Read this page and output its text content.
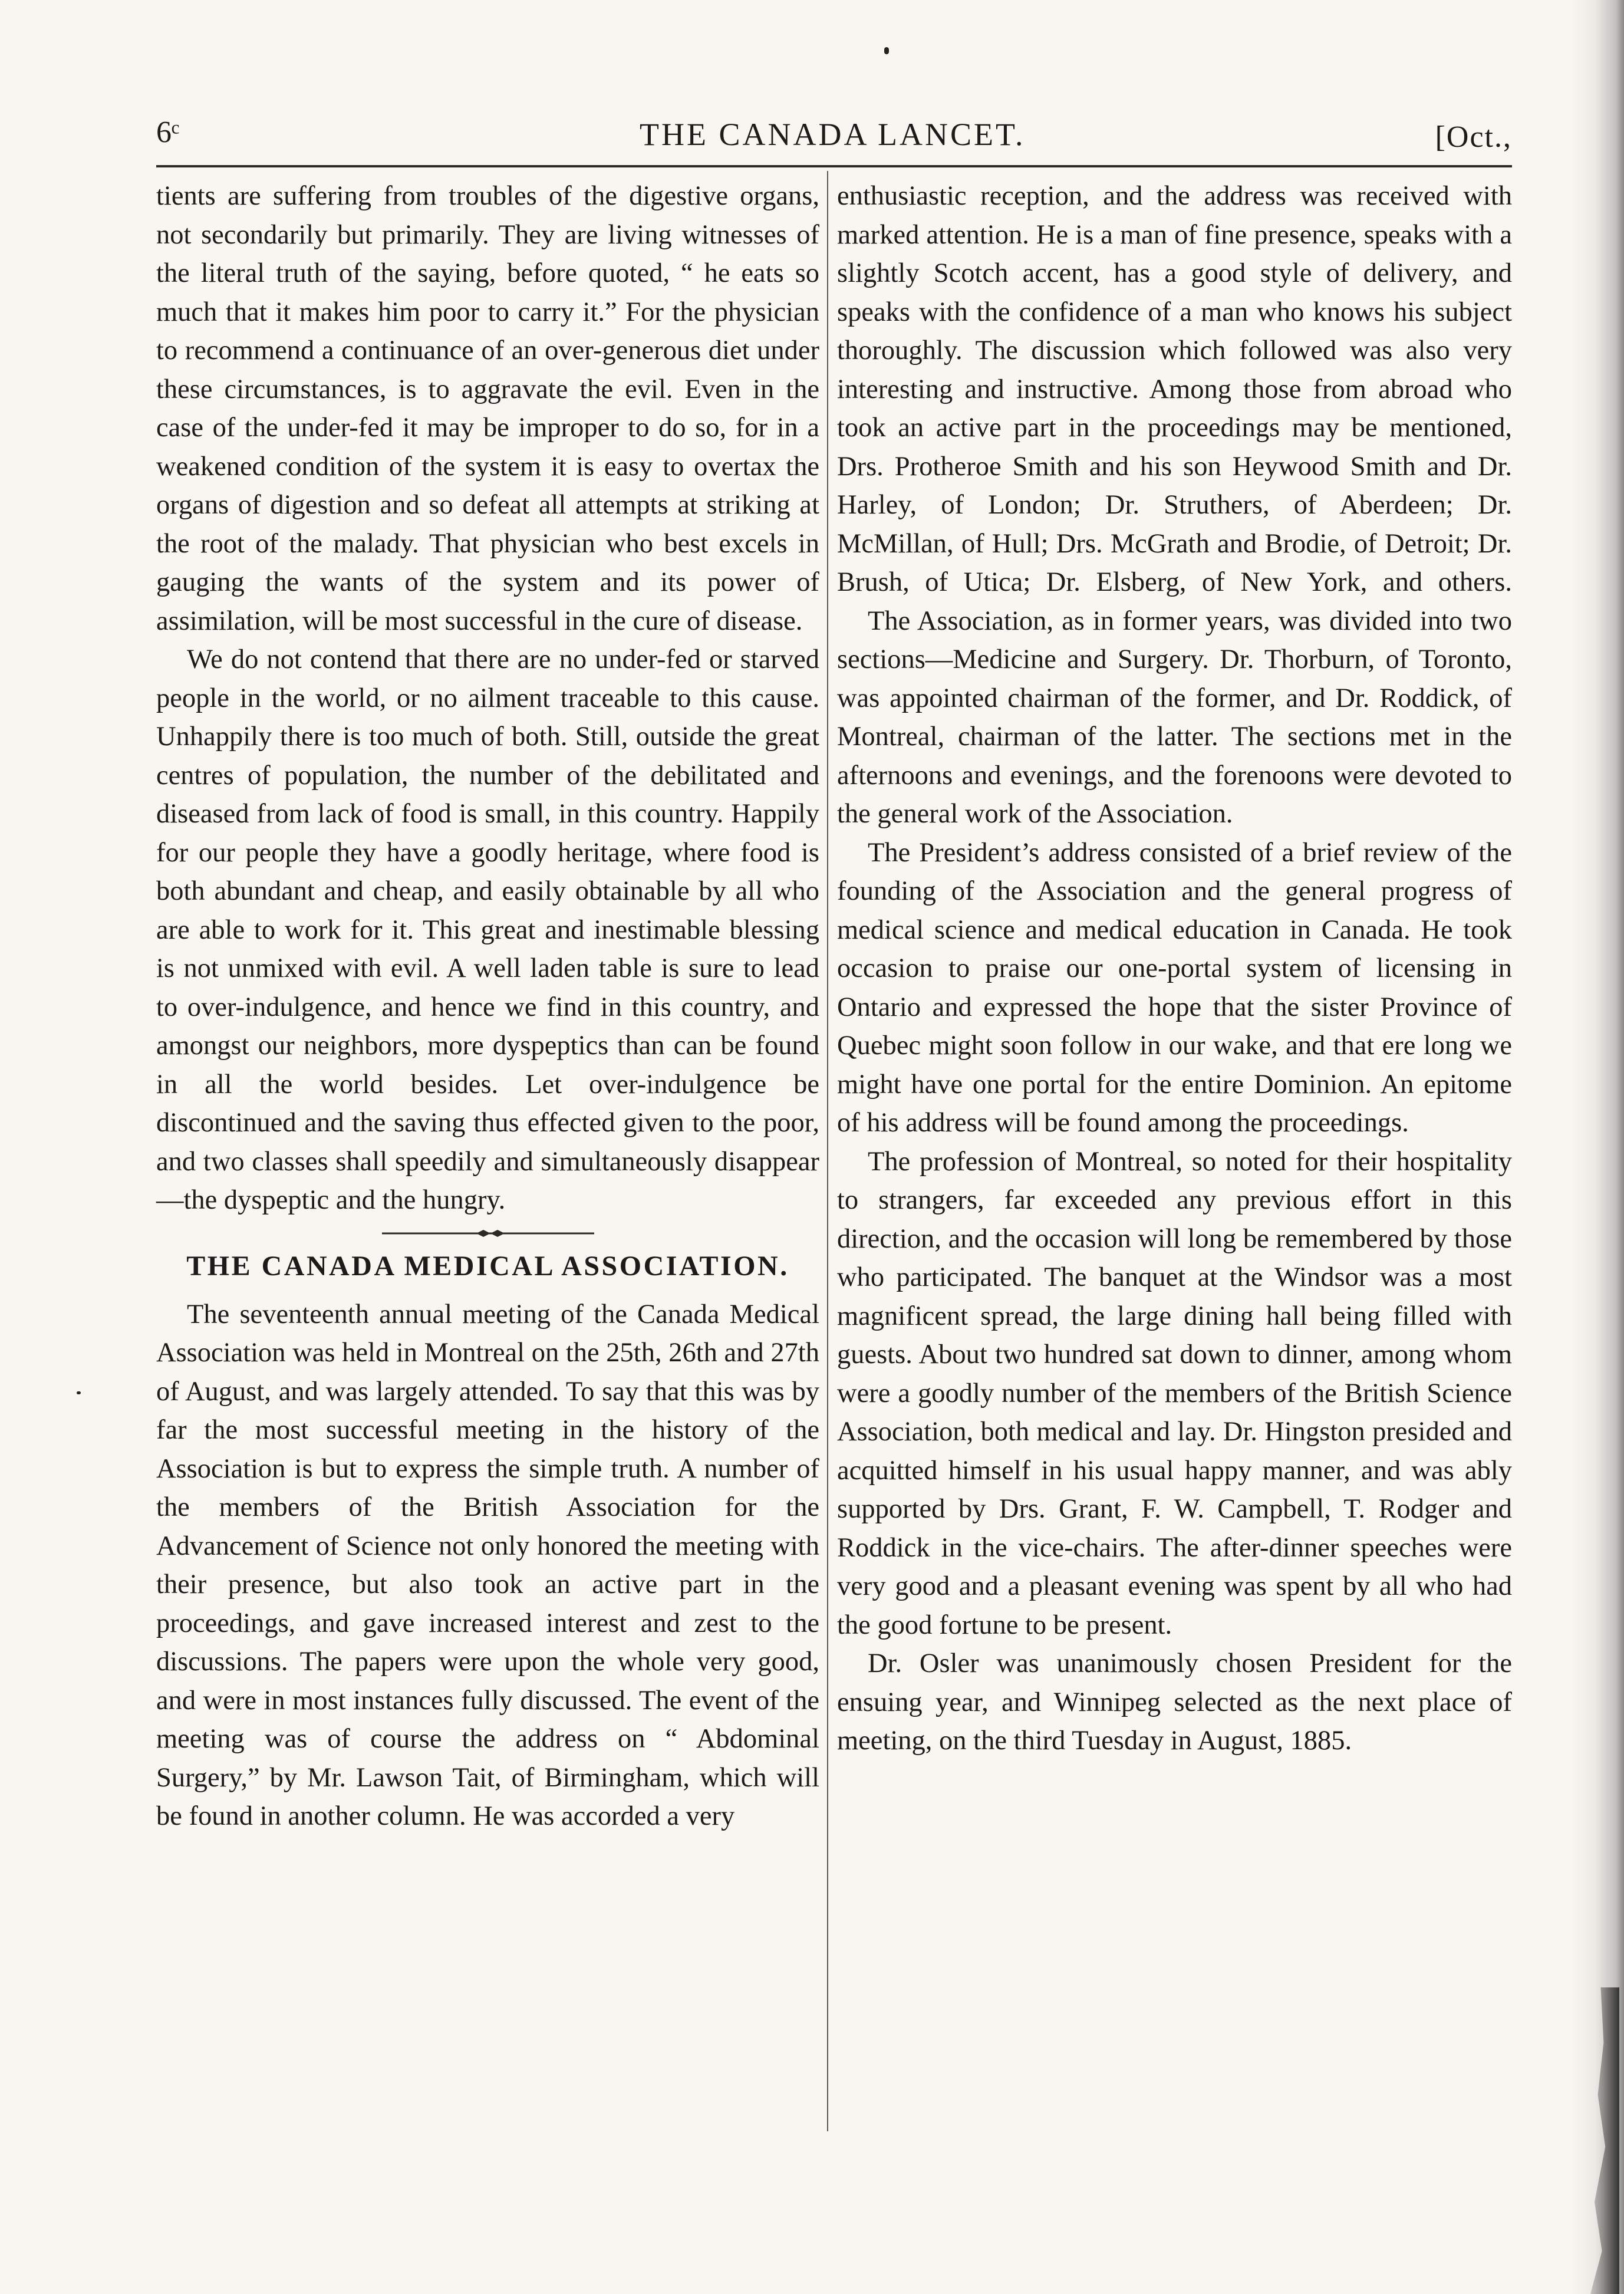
6ᶜ	THE CANADA LANCET.	[Oct.,

tients are suffering from troubles of the digestive organs, not secondarily but primarily. They are living witnesses of the literal truth of the saying, before quoted, “ he eats so much that it makes him poor to carry it.” For the physician to recommend a continuance of an over-generous diet under these circumstances, is to aggravate the evil. Even in the case of the under-fed it may be improper to do so, for in a weakened condition of the system it is easy to overtax the organs of digestion and so defeat all attempts at striking at the root of the malady. That physician who best excels in gauging the wants of the system and its power of assimilation, will be most successful in the cure of disease.

We do not contend that there are no under-fed or starved people in the world, or no ailment traceable to this cause. Unhappily there is too much of both. Still, outside the great centres of population, the number of the debilitated and diseased from lack of food is small, in this country. Happily for our people they have a goodly heritage, where food is both abundant and cheap, and easily obtainable by all who are able to work for it. This great and inestimable blessing is not unmixed with evil. A well laden table is sure to lead to over-indulgence, and hence we find in this country, and amongst our neighbors, more dyspeptics than can be found in all the world besides. Let over-indulgence be discontinued and the saving thus effected given to the poor, and two classes shall speedily and simultaneously disappear—the dyspeptic and the hungry.

THE CANADA MEDICAL ASSOCIATION.

The seventeenth annual meeting of the Canada Medical Association was held in Montreal on the 25th, 26th and 27th of August, and was largely attended. To say that this was by far the most successful meeting in the history of the Association is but to express the simple truth. A number of the members of the British Association for the Advancement of Science not only honored the meeting with their presence, but also took an active part in the proceedings, and gave increased interest and zest to the discussions. The papers were upon the whole very good, and were in most instances fully discussed. The event of the meeting was of course the address on “ Abdominal Surgery,” by Mr. Lawson Tait, of Birmingham, which will be found in another column. He was accorded a very

enthusiastic reception, and the address was received with marked attention. He is a man of fine presence, speaks with a slightly Scotch accent, has a good style of delivery, and speaks with the confidence of a man who knows his subject thoroughly. The discussion which followed was also very interesting and instructive. Among those from abroad who took an active part in the proceedings may be mentioned, Drs. Protheroe Smith and his son Heywood Smith and Dr. Harley, of London; Dr. Struthers, of Aberdeen; Dr. McMillan, of Hull; Drs. McGrath and Brodie, of Detroit; Dr. Brush, of Utica; Dr. Elsberg, of New York, and others.

The Association, as in former years, was divided into two sections—Medicine and Surgery. Dr. Thorburn, of Toronto, was appointed chairman of the former, and Dr. Roddick, of Montreal, chairman of the latter. The sections met in the afternoons and evenings, and the forenoons were devoted to the general work of the Association.

The President’s address consisted of a brief review of the founding of the Association and the general progress of medical science and medical education in Canada. He took occasion to praise our one-portal system of licensing in Ontario and expressed the hope that the sister Province of Quebec might soon follow in our wake, and that ere long we might have one portal for the entire Dominion. An epitome of his address will be found among the proceedings.

The profession of Montreal, so noted for their hospitality to strangers, far exceeded any previous effort in this direction, and the occasion will long be remembered by those who participated. The banquet at the Windsor was a most magnificent spread, the large dining hall being filled with guests. About two hundred sat down to dinner, among whom were a goodly number of the members of the British Science Association, both medical and lay. Dr. Hingston presided and acquitted himself in his usual happy manner, and was ably supported by Drs. Grant, F. W. Campbell, T. Rodger and Roddick in the vice-chairs. The after-dinner speeches were very good and a pleasant evening was spent by all who had the good fortune to be present.

Dr. Osler was unanimously chosen President for the ensuing year, and Winnipeg selected as the next place of meeting, on the third Tuesday in August, 1885.
